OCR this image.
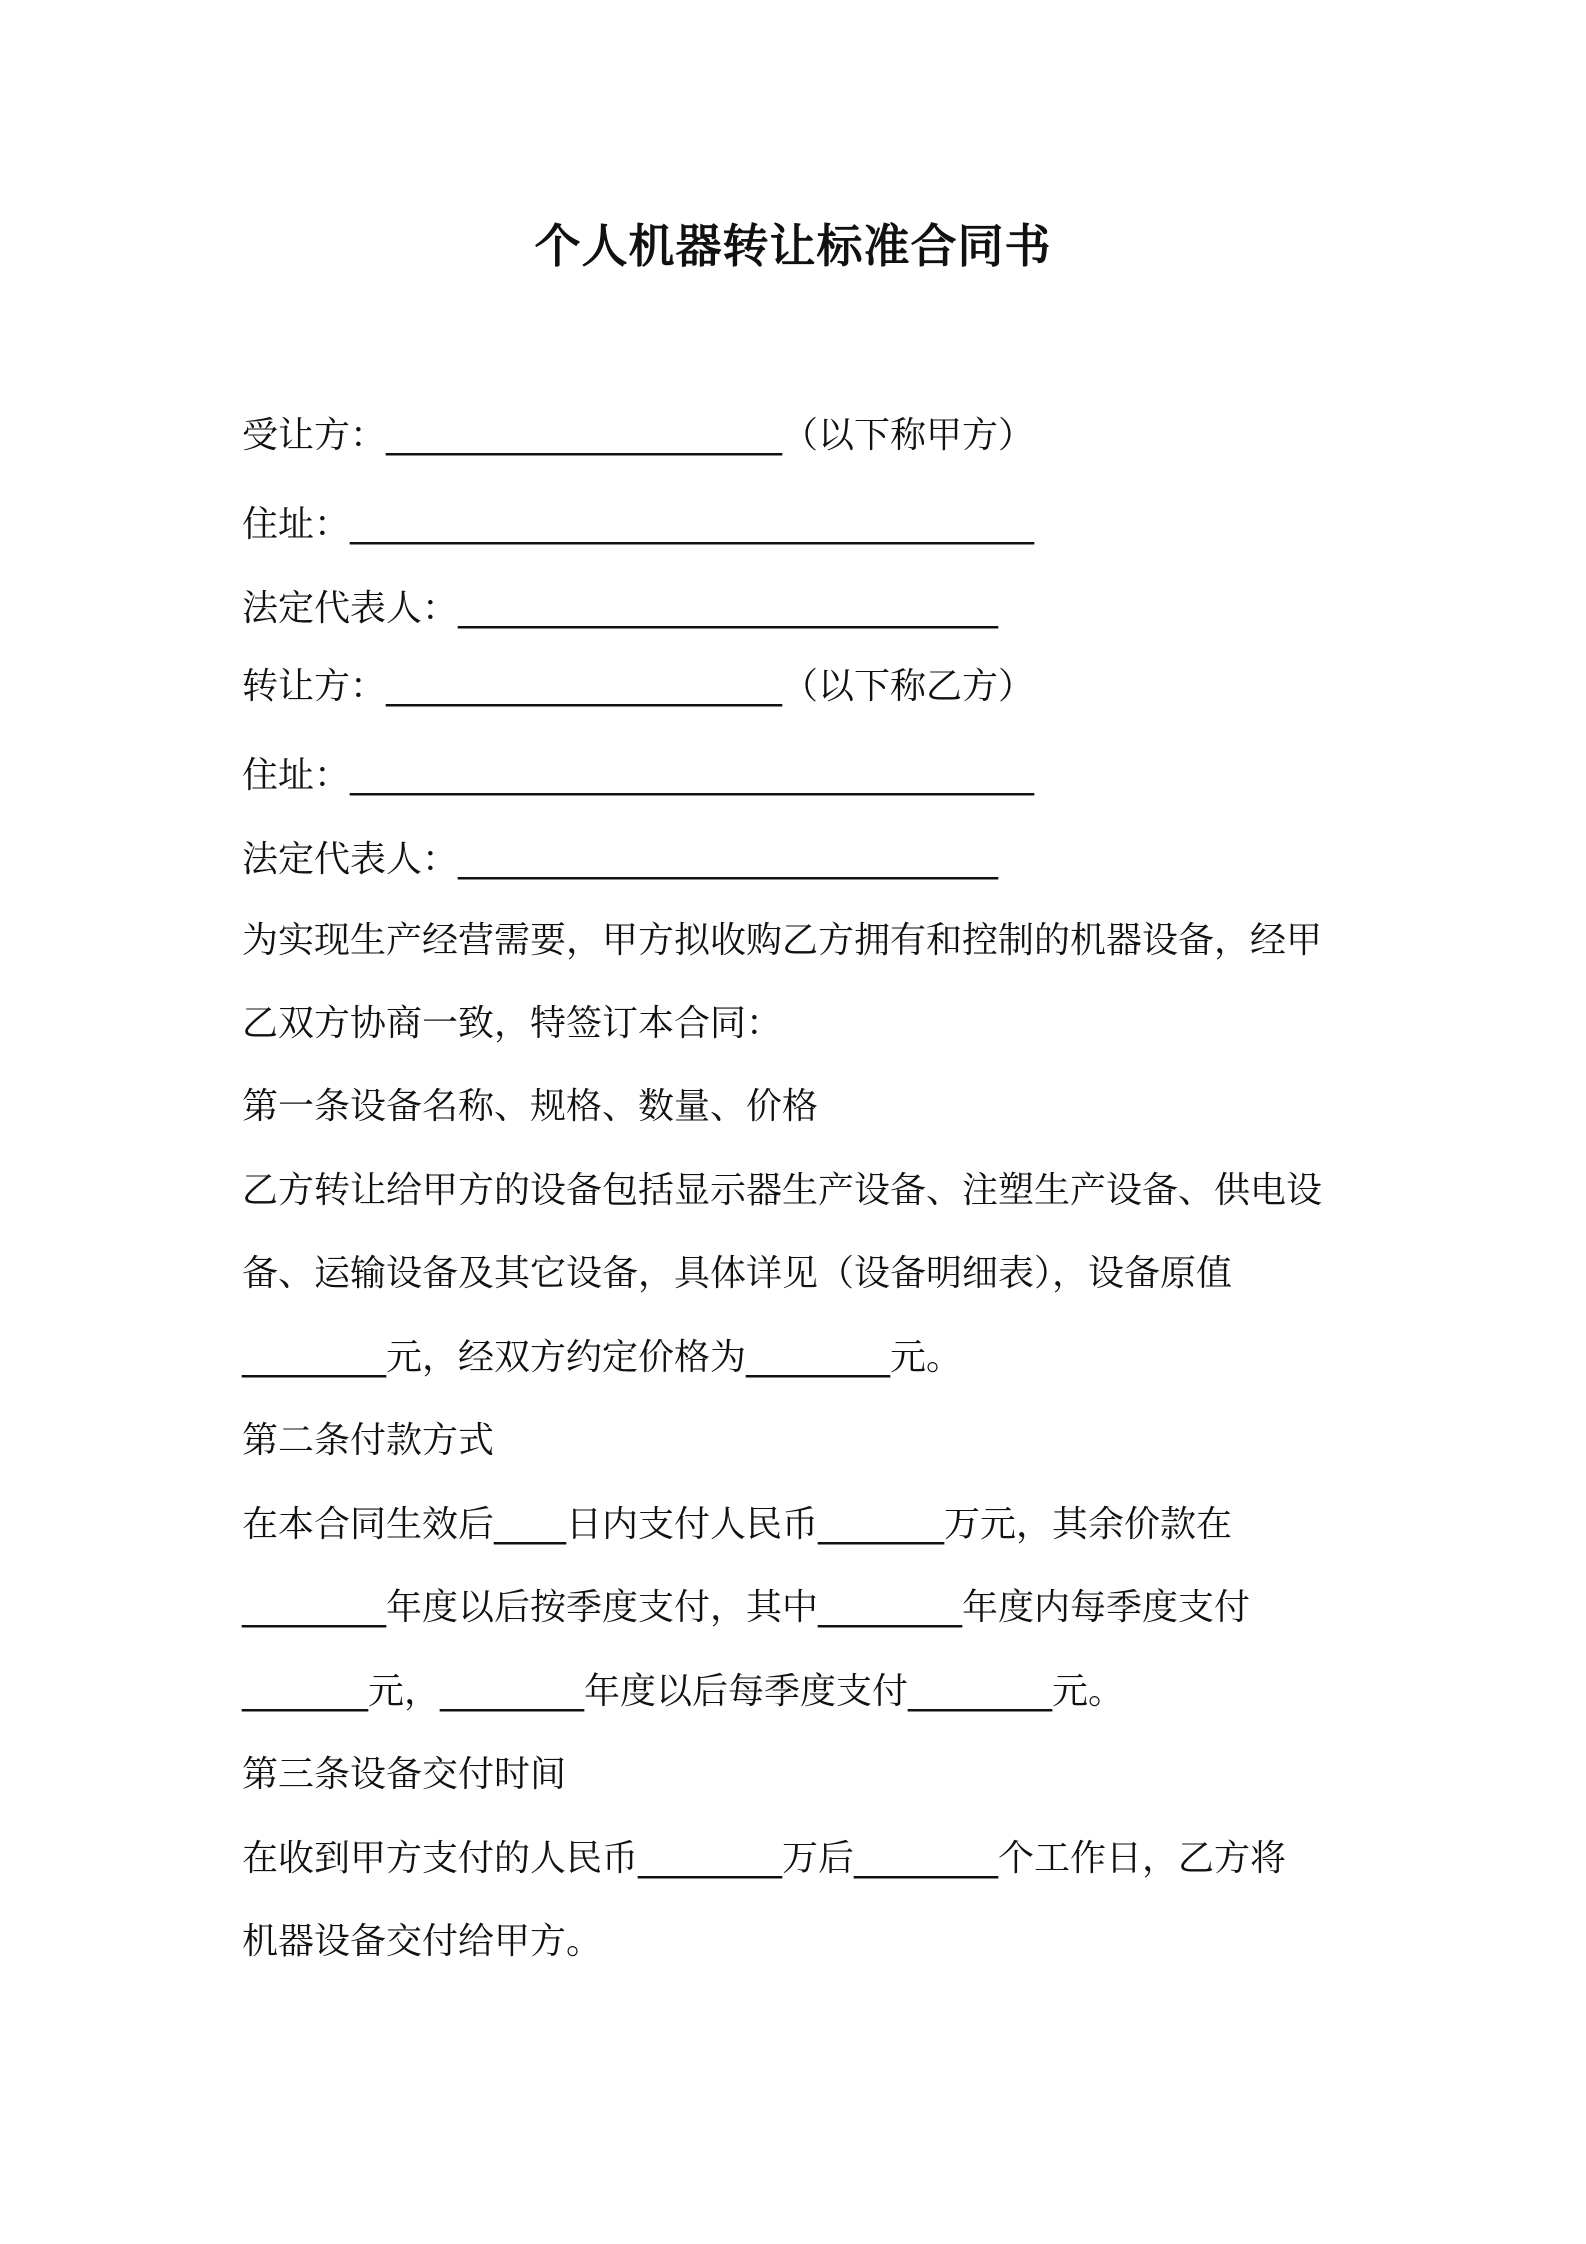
个人机器转让标准合同书
受让方：______________________（以下称甲方）
住址：______________________________________
法定代表人：______________________________
转让方：______________________（以下称乙方）
住址：______________________________________
法定代表人：______________________________
为实现生产经营需要，甲方拟收购乙方拥有和控制的机器设备，经甲
乙双方协商一致，特签订本合同：
第一条设备名称、规格、数量、价格
乙方转让给甲方的设备包括显示器生产设备、注塑生产设备、供电设
备、运输设备及其它设备，具体详见（设备明细表），设备原值
________元，经双方约定价格为________元。
第二条付款方式
在本合同生效后____日内支付人民币_______万元，其余价款在
________年度以后按季度支付，其中________年度内每季度支付
_______元，________年度以后每季度支付________元。
第三条设备交付时间
在收到甲方支付的人民币________万后________个工作日，乙方将
机器设备交付给甲方。
